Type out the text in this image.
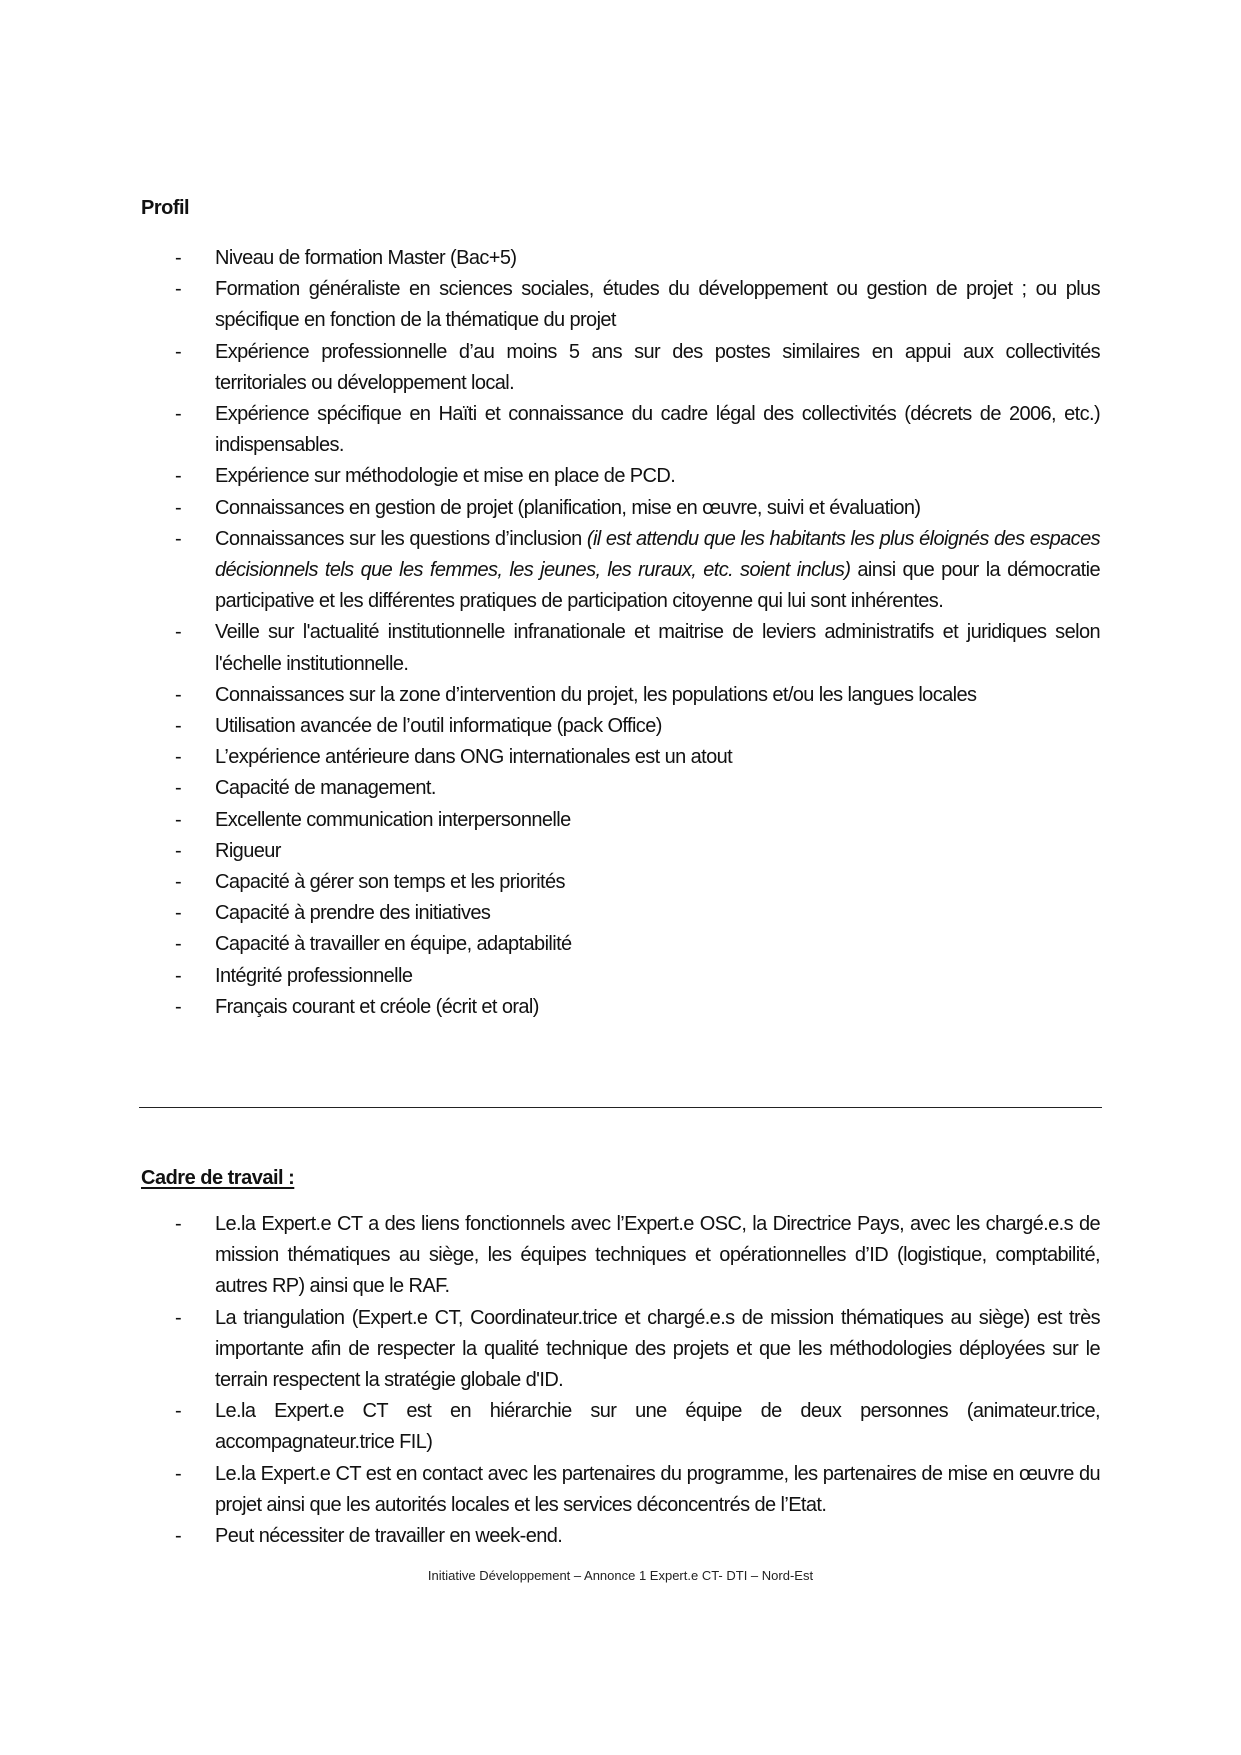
Profil
- Niveau de formation Master (Bac+5)
- Formation généraliste en sciences sociales, études du développement ou gestion de projet ; ou plus spécifique en fonction de la thématique du projet
- Expérience professionnelle d’au moins 5 ans sur des postes similaires en appui aux collectivités territoriales ou développement local.
- Expérience spécifique en Haïti et connaissance du cadre légal des collectivités (décrets de 2006, etc.) indispensables.
- Expérience sur méthodologie et mise en place de PCD.
- Connaissances en gestion de projet (planification, mise en œuvre, suivi et évaluation)
- Connaissances sur les questions d’inclusion (il est attendu que les habitants les plus éloignés des espaces décisionnels tels que les femmes, les jeunes, les ruraux, etc. soient inclus) ainsi que pour la démocratie participative et les différentes pratiques de participation citoyenne qui lui sont inhérentes.
- Veille sur l'actualité institutionnelle infranationale et maitrise de leviers administratifs et juridiques selon l'échelle institutionnelle.
- Connaissances sur la zone d’intervention du projet, les populations et/ou les langues locales
- Utilisation avancée de l’outil informatique (pack Office)
- L’expérience antérieure dans ONG internationales est un atout
- Capacité de management.
- Excellente communication interpersonnelle
- Rigueur
- Capacité à gérer son temps et les priorités
- Capacité à prendre des initiatives
- Capacité à travailler en équipe, adaptabilité
- Intégrité professionnelle
- Français courant et créole (écrit et oral)
Cadre de travail :
- Le.la Expert.e CT a des liens fonctionnels avec l’Expert.e OSC, la Directrice Pays, avec les chargé.e.s de mission thématiques au siège, les équipes techniques et opérationnelles d’ID (logistique, comptabilité, autres RP) ainsi que le RAF.
- La triangulation (Expert.e CT, Coordinateur.trice et chargé.e.s de mission thématiques au siège) est très importante afin de respecter la qualité technique des projets et que les méthodologies déployées sur le terrain respectent la stratégie globale d'ID.
- Le.la Expert.e CT est en hiérarchie sur une équipe de deux personnes (animateur.trice, accompagnateur.trice FIL)
- Le.la Expert.e CT est en contact avec les partenaires du programme, les partenaires de mise en œuvre du projet ainsi que les autorités locales et les services déconcentrés de l’Etat.
- Peut nécessiter de travailler en week-end.
Initiative Développement – Annonce 1 Expert.e CT- DTI – Nord-Est
